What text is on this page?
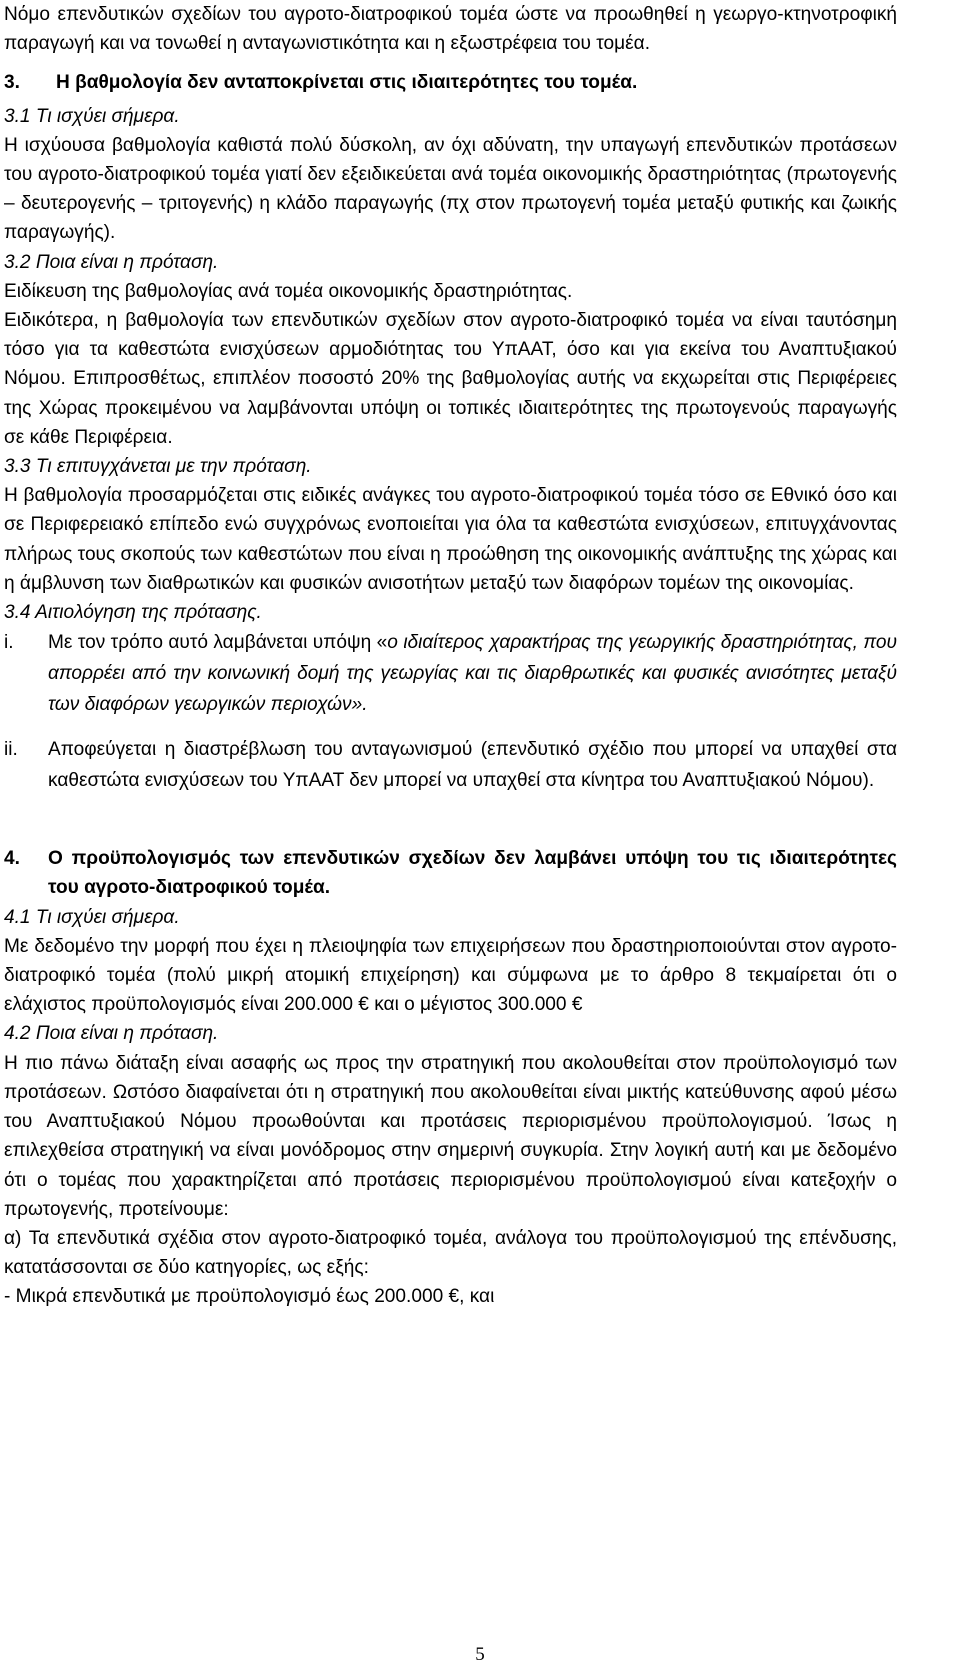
Νόμο επενδυτικών σχεδίων του αγροτο-διατροφικού τομέα ώστε να προωθηθεί η γεωργο-κτηνοτροφική παραγωγή και να τονωθεί η ανταγωνιστικότητα και η εξωστρέφεια του τομέα.

3. Η βαθμολογία δεν ανταποκρίνεται στις ιδιαιτερότητες του τομέα.
3.1 Τι ισχύει σήμερα.

Η ισχύουσα βαθμολογία καθιστά πολύ δύσκολη, αν όχι αδύνατη, την υπαγωγή επενδυτικών προτάσεων του αγροτο-διατροφικού τομέα γιατί δεν εξειδικεύεται ανά τομέα οικονομικής δραστηριότητας (πρωτογενής – δευτερογενής – τριτογενής) η κλάδο παραγωγής (πχ στον πρωτογενή τομέα μεταξύ φυτικής και ζωικής παραγωγής).

3.2 Ποια είναι η πρόταση.

Ειδίκευση της βαθμολογίας ανά τομέα οικονομικής δραστηριότητας.

Ειδικότερα, η βαθμολογία των επενδυτικών σχεδίων στον αγροτο-διατροφικό τομέα να είναι ταυτόσημη τόσο για τα καθεστώτα ενισχύσεων αρμοδιότητας του ΥπΑΑΤ, όσο και για εκείνα του Αναπτυξιακού Νόμου. Επιπροσθέτως, επιπλέον ποσοστό 20% της βαθμολογίας αυτής να εκχωρείται στις Περιφέρειες της Χώρας προκειμένου να λαμβάνονται υπόψη οι τοπικές ιδιαιτερότητες της πρωτογενούς παραγωγής σε κάθε Περιφέρεια.

3.3 Τι επιτυγχάνεται με την πρόταση.

Η βαθμολογία προσαρμόζεται στις ειδικές ανάγκες του αγροτο-διατροφικού τομέα τόσο σε Εθνικό όσο και σε Περιφερειακό επίπεδο ενώ συγχρόνως ενοποιείται για όλα τα καθεστώτα ενισχύσεων, επιτυγχάνοντας πλήρως τους σκοπούς των καθεστώτων που είναι η προώθηση της οικονομικής ανάπτυξης της χώρας και η άμβλυνση των διαθρωτικών και φυσικών ανισοτήτων μεταξύ των διαφόρων τομέων της οικονομίας.

3.4 Αιτιολόγηση της πρότασης.
i.	Με τον τρόπο αυτό λαμβάνεται υπόψη «ο ιδιαίτερος χαρακτήρας της γεωργικής δραστηριότητας, που απορρέει από την κοινωνική δομή της γεωργίας και τις διαρθρωτικές και φυσικές ανισότητες μεταξύ των διαφόρων γεωργικών περιοχών».

ii.	Αποφεύγεται η διαστρέβλωση του ανταγωνισμού (επενδυτικό σχέδιο που μπορεί να υπαχθεί στα καθεστώτα ενισχύσεων του ΥπΑΑΤ δεν μπορεί να υπαχθεί στα κίνητρα του Αναπτυξιακού Νόμου).

4.	Ο προϋπολογισμός των επενδυτικών σχεδίων δεν λαμβάνει υπόψη του τις ιδιαιτερότητες του αγροτο-διατροφικού τομέα.
4.1 Τι ισχύει σήμερα.

Με δεδομένο την μορφή που έχει η πλειοψηφία των επιχειρήσεων που δραστηριοποιούνται στον αγροτο-διατροφικό τομέα (πολύ μικρή ατομική επιχείρηση) και σύμφωνα με το άρθρο 8 τεκμαίρεται ότι ο ελάχιστος προϋπολογισμός είναι 200.000 € και ο μέγιστος 300.000 €

4.2 Ποια είναι η πρόταση.

Η πιο πάνω διάταξη είναι ασαφής ως προς την στρατηγική που ακολουθείται στον προϋπολογισμό των προτάσεων. Ωστόσο διαφαίνεται ότι η στρατηγική που ακολουθείται είναι μικτής κατεύθυνσης αφού μέσω του Αναπτυξιακού Νόμου προωθούνται και προτάσεις περιορισμένου προϋπολογισμού. Ίσως η επιλεχθείσα στρατηγική να είναι μονόδρομος στην σημερινή συγκυρία. Στην λογική αυτή και με δεδομένο ότι ο τομέας που χαρακτηρίζεται από προτάσεις περιορισμένου προϋπολογισμού είναι κατεξοχήν ο πρωτογενής, προτείνουμε:

α) Τα επενδυτικά σχέδια στον αγροτο-διατροφικό τομέα, ανάλογα του προϋπολογισμού της επένδυσης, κατατάσσονται σε δύο κατηγορίες, ως εξής:

- Μικρά επενδυτικά με προϋπολογισμό έως 200.000 €, και

5
